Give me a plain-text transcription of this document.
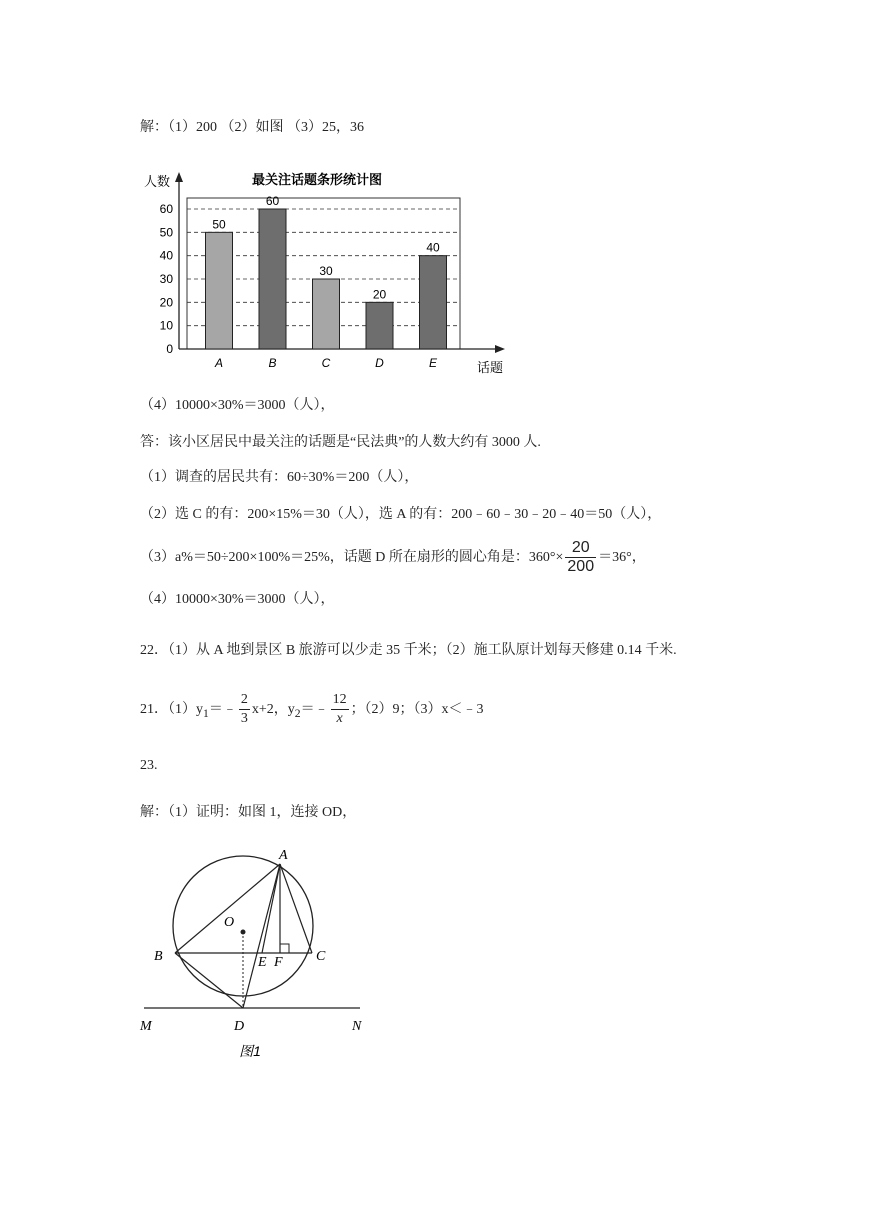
解：（1）200 （2）如图 （3）25，36
最关注话题条形统计图
人数
话题
0
10
20
30
40
50
60
50
60
30
20
40
A	B	C	D	E
（4）10000×30%＝3000（人），
答：该小区居民中最关注的话题是“民法典”的人数大约有 3000 人.
（1）调查的居民共有：60÷30%＝200（人），
（2）选 C 的有：200×15%＝30（人），选 A 的有：200﹣60﹣30﹣20﹣40＝50（人），
（3）a%＝50÷200×100%＝25%，话题 D 所在扇形的圆心角是：$360^\circ\times \frac{20}{200} =36^\circ$，
（4）10000×30%＝3000（人），
22．（1）从 A 地到景区 B 旅游可以少走 35 千米；（2）施工队原计划每天修建 0.14 千米.
21．$(1)y_1=﹣ \frac{2}{3} x+2$，$y_2=﹣ \frac{12}{x}$ ；（2）9；（3）x＜﹣3
23.
解：（1）证明：如图 1，连接 OD，
A
O
B	E F C
M	D	N
图1
